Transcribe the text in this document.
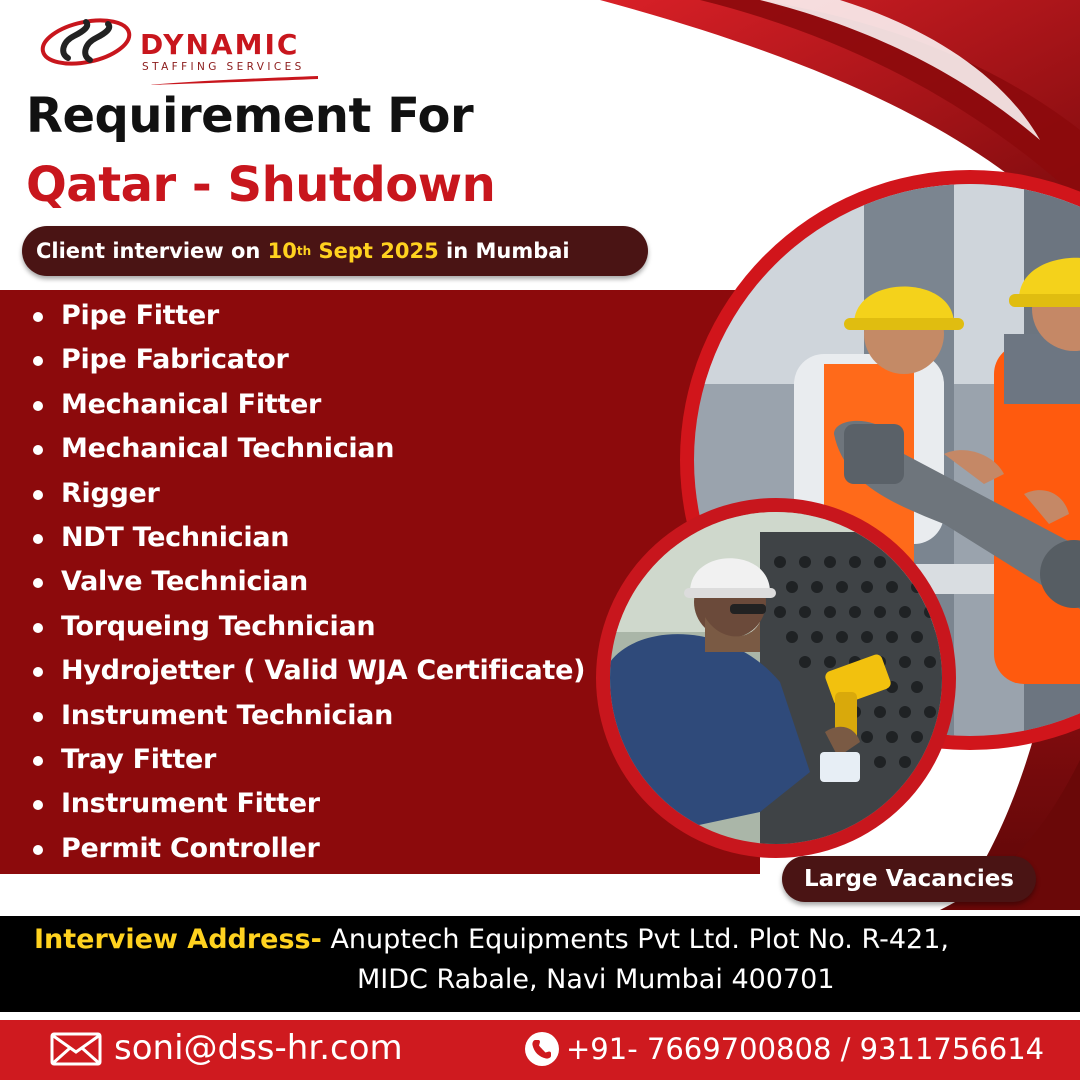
DYNAMIC
STAFFING SERVICES
Requirement For
Qatar - Shutdown
Client interview on
10 th
Sept 2025
in Mumbai
Pipe Fitter
Pipe Fabricator
Mechanical Fitter
Mechanical Technician
Rigger
NDT Technician
Valve Technician
Torqueing Technician
Hydrojetter ( Valid WJA Certificate)
Instrument Technician
Tray Fitter
Instrument Fitter
Permit Controller
Large Vacancies
Interview Address- Anuptech Equipments Pvt Ltd. Plot No. R-421,
MIDC Rabale, Navi Mumbai 400701
soni@dss-hr.com	+91- 7669700808 / 9311756614
